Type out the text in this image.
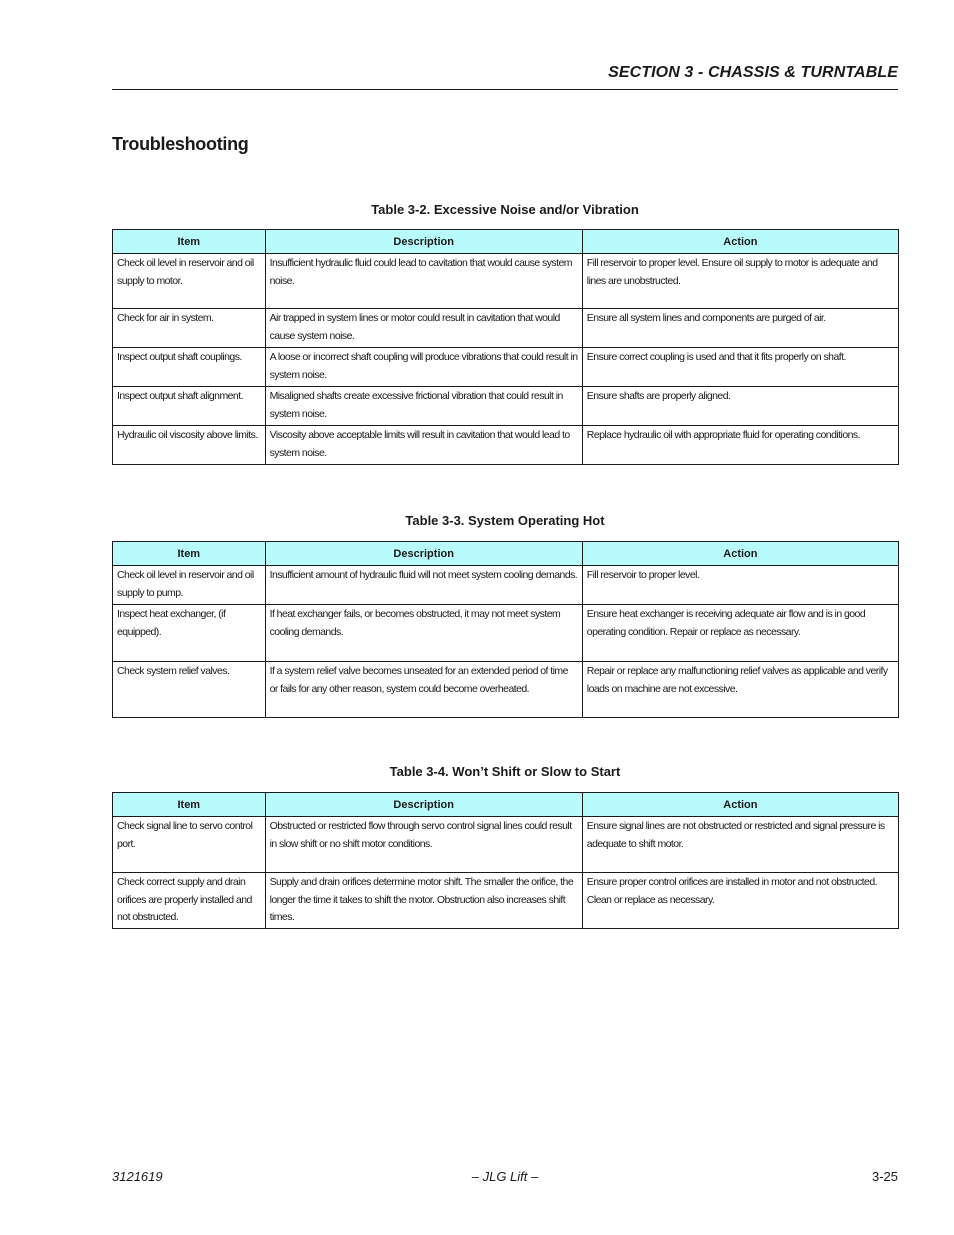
SECTION 3 - CHASSIS & TURNTABLE
Troubleshooting
Table 3-2. Excessive Noise and/or Vibration
Item	Description	Action
Check oil level in reservoir and oil supply to motor.	Insufficient hydraulic fluid could lead to cavitation that would cause system noise.	Fill reservoir to proper level. Ensure oil supply to motor is adequate and lines are unobstructed.
Check for air in system.	Air trapped in system lines or motor could result in cavitation that would cause system noise.	Ensure all system lines and components are purged of air.
Inspect output shaft couplings.	A loose or incorrect shaft coupling will produce vibrations that could result in system noise.	Ensure correct coupling is used and that it fits properly on shaft.
Inspect output shaft alignment.	Misaligned shafts create excessive frictional vibration that could result in system noise.	Ensure shafts are properly aligned.
Hydraulic oil viscosity above limits.	Viscosity above acceptable limits will result in cavitation that would lead to system noise.	Replace hydraulic oil with appropriate fluid for operating conditions.
Table 3-3. System Operating Hot
Item	Description	Action
Check oil level in reservoir and oil supply to pump.	Insufficient amount of hydraulic fluid will not meet system cooling demands.	Fill reservoir to proper level.
Inspect heat exchanger, (if equipped).	If heat exchanger fails, or becomes obstructed, it may not meet system cooling demands.	Ensure heat exchanger is receiving adequate air flow and is in good operating condition. Repair or replace as necessary.
Check system relief valves.	If a system relief valve becomes unseated for an extended period of time or fails for any other reason, system could become overheated.	Repair or replace any malfunctioning relief valves as applicable and verify loads on machine are not excessive.
Table 3-4. Won’t Shift or Slow to Start
Item	Description	Action
Check signal line to servo control port.	Obstructed or restricted flow through servo control signal lines could result in slow shift or no shift motor conditions.	Ensure signal lines are not obstructed or restricted and signal pressure is adequate to shift motor.
Check correct supply and drain orifices are properly installed and not obstructed.	Supply and drain orifices determine motor shift. The smaller the orifice, the longer the time it takes to shift the motor. Obstruction also increases shift times.	Ensure proper control orifices are installed in motor and not obstructed. Clean or replace as necessary.
3121619	– JLG Lift –	3-25
